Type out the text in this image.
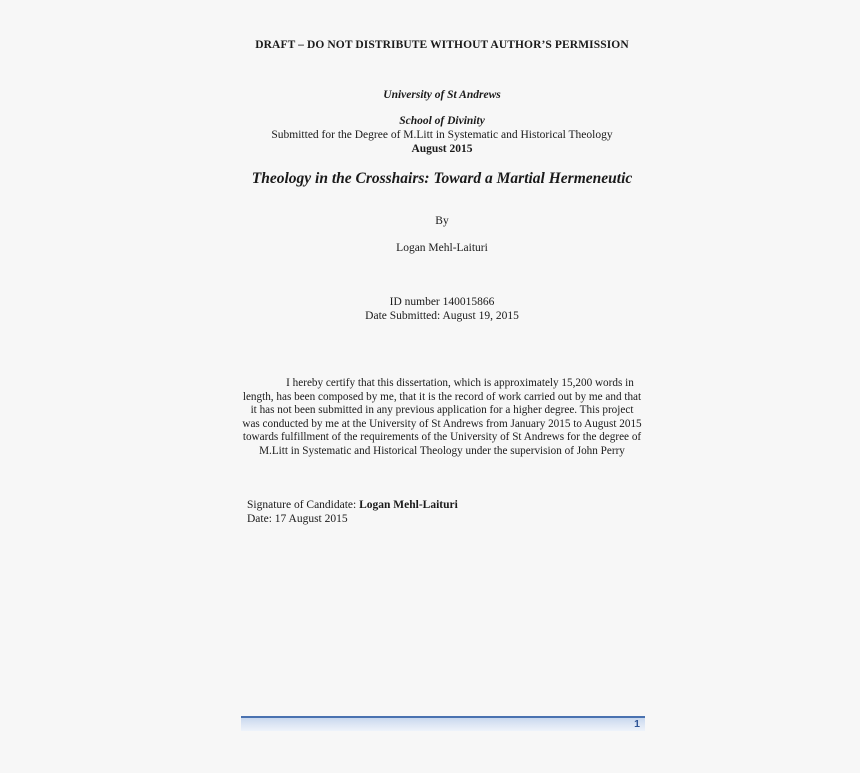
DRAFT – DO NOT DISTRIBUTE WITHOUT AUTHOR’S PERMISSION
University of St Andrews
School of Divinity
Submitted for the Degree of M.Litt in Systematic and Historical Theology
August 2015
Theology in the Crosshairs: Toward a Martial Hermeneutic
By
Logan Mehl-Laituri
ID number 140015866
Date Submitted: August 19, 2015
I hereby certify that this dissertation, which is approximately 15,200 words in
length, has been composed by me, that it is the record of work carried out by me and that
it has not been submitted in any previous application for a higher degree. This project
was conducted by me at the University of St Andrews from January 2015 to August 2015
towards fulfillment of the requirements of the University of St Andrews for the degree of
M.Litt in Systematic and Historical Theology under the supervision of John Perry
Signature of Candidate: Logan Mehl-Laituri
Date: 17 August 2015
1
